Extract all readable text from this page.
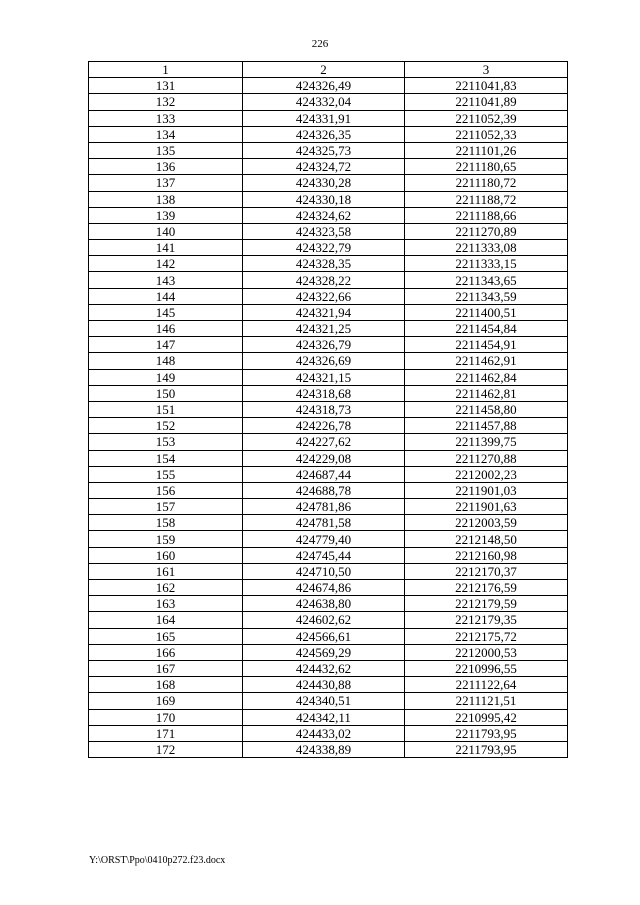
226
1	2	3
131	424326,49	2211041,83
132	424332,04	2211041,89
133	424331,91	2211052,39
134	424326,35	2211052,33
135	424325,73	2211101,26
136	424324,72	2211180,65
137	424330,28	2211180,72
138	424330,18	2211188,72
139	424324,62	2211188,66
140	424323,58	2211270,89
141	424322,79	2211333,08
142	424328,35	2211333,15
143	424328,22	2211343,65
144	424322,66	2211343,59
145	424321,94	2211400,51
146	424321,25	2211454,84
147	424326,79	2211454,91
148	424326,69	2211462,91
149	424321,15	2211462,84
150	424318,68	2211462,81
151	424318,73	2211458,80
152	424226,78	2211457,88
153	424227,62	2211399,75
154	424229,08	2211270,88
155	424687,44	2212002,23
156	424688,78	2211901,03
157	424781,86	2211901,63
158	424781,58	2212003,59
159	424779,40	2212148,50
160	424745,44	2212160,98
161	424710,50	2212170,37
162	424674,86	2212176,59
163	424638,80	2212179,59
164	424602,62	2212179,35
165	424566,61	2212175,72
166	424569,29	2212000,53
167	424432,62	2210996,55
168	424430,88	2211122,64
169	424340,51	2211121,51
170	424342,11	2210995,42
171	424433,02	2211793,95
172	424338,89	2211793,95
Y:\ORST\Ppo\0410p272.f23.docx
